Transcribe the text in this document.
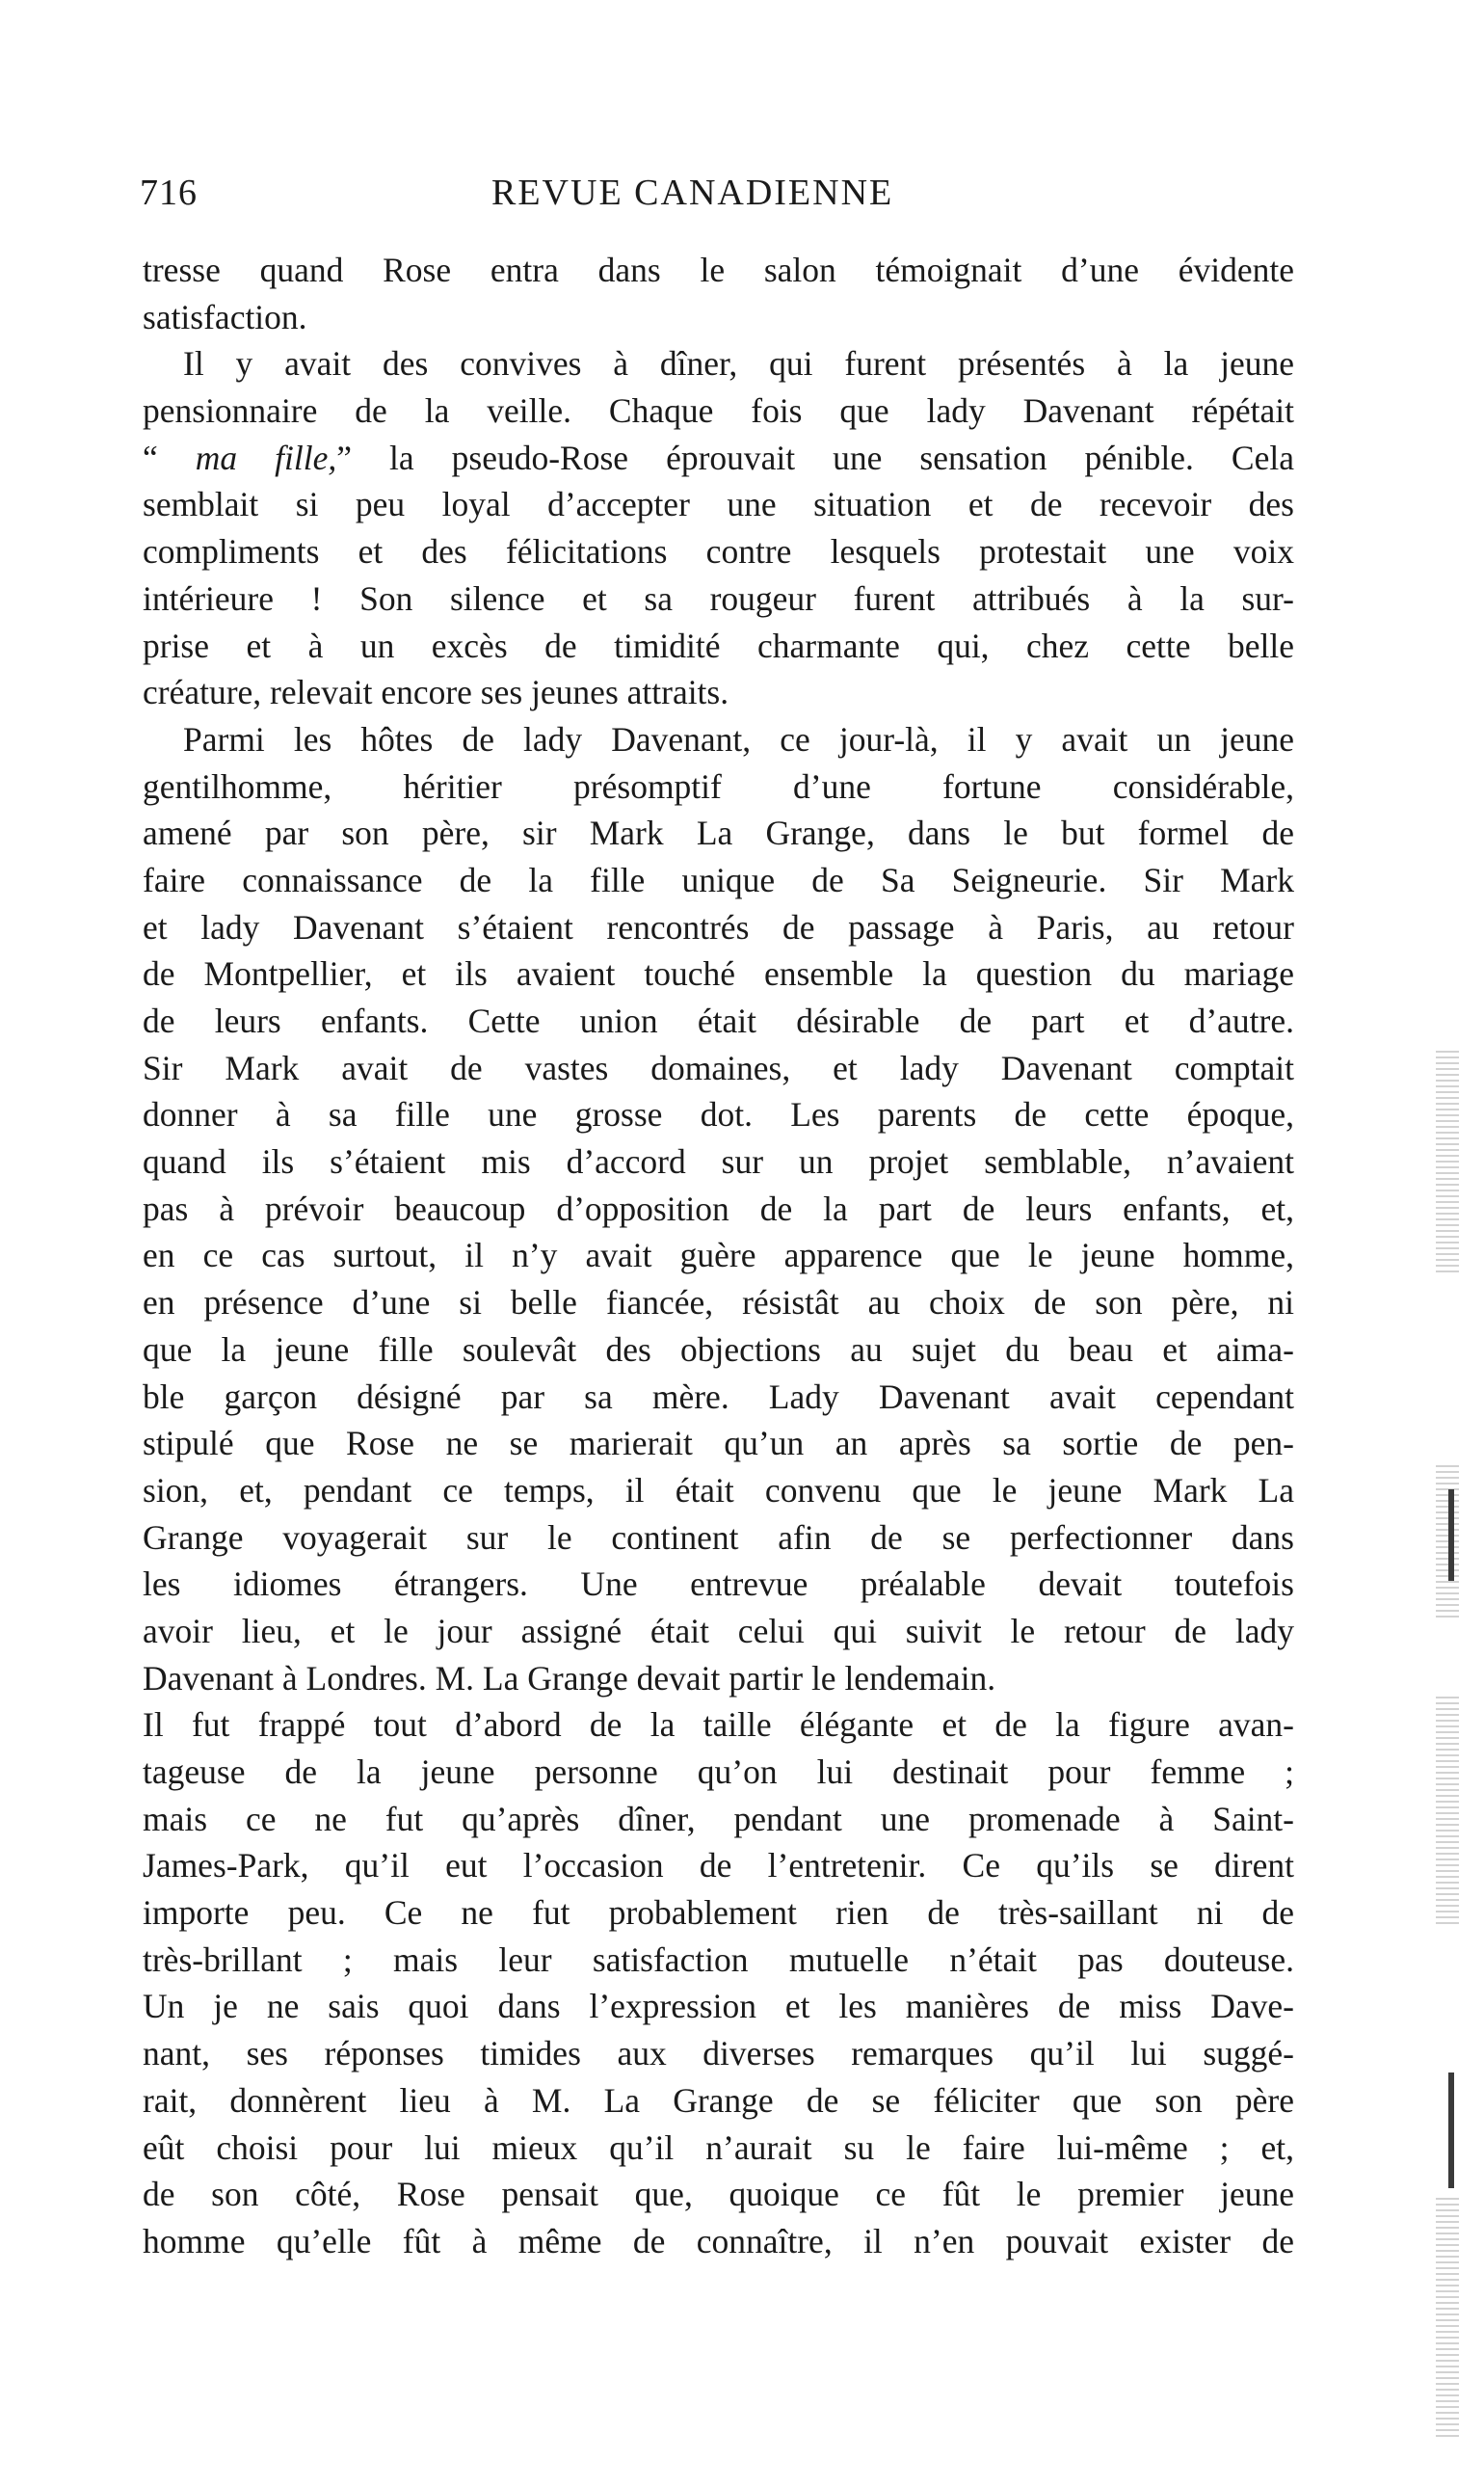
716	REVUE CANADIENNE
tresse quand Rose entra dans le salon témoignait d’une évidente
satisfaction.
Il y avait des convives à dîner, qui furent présentés à la jeune
pensionnaire de la veille. Chaque fois que lady Davenant répétait
“ ma fille,” la pseudo-Rose éprouvait une sensation pénible. Cela
semblait si peu loyal d’accepter une situation et de recevoir des
compliments et des félicitations contre lesquels protestait une voix
intérieure ! Son silence et sa rougeur furent attribués à la sur-
prise et à un excès de timidité charmante qui, chez cette belle
créature, relevait encore ses jeunes attraits.
Parmi les hôtes de lady Davenant, ce jour-là, il y avait un jeune
gentilhomme, héritier présomptif d’une fortune considérable,
amené par son père, sir Mark La Grange, dans le but formel de
faire connaissance de la fille unique de Sa Seigneurie. Sir Mark
et lady Davenant s’étaient rencontrés de passage à Paris, au retour
de Montpellier, et ils avaient touché ensemble la question du mariage
de leurs enfants. Cette union était désirable de part et d’autre.
Sir Mark avait de vastes domaines, et lady Davenant comptait
donner à sa fille une grosse dot. Les parents de cette époque,
quand ils s’étaient mis d’accord sur un projet semblable, n’avaient
pas à prévoir beaucoup d’opposition de la part de leurs enfants, et,
en ce cas surtout, il n’y avait guère apparence que le jeune homme,
en présence d’une si belle fiancée, résistât au choix de son père, ni
que la jeune fille soulevât des objections au sujet du beau et aima-
ble garçon désigné par sa mère. Lady Davenant avait cependant
stipulé que Rose ne se marierait qu’un an après sa sortie de pen-
sion, et, pendant ce temps, il était convenu que le jeune Mark La
Grange voyagerait sur le continent afin de se perfectionner dans
les idiomes étrangers. Une entrevue préalable devait toutefois
avoir lieu, et le jour assigné était celui qui suivit le retour de lady
Davenant à Londres. M. La Grange devait partir le lendemain.
Il fut frappé tout d’abord de la taille élégante et de la figure avan-
tageuse de la jeune personne qu’on lui destinait pour femme ;
mais ce ne fut qu’après dîner, pendant une promenade à Saint-
James-Park, qu’il eut l’occasion de l’entretenir. Ce qu’ils se dirent
importe peu. Ce ne fut probablement rien de très-saillant ni de
très-brillant ; mais leur satisfaction mutuelle n’était pas douteuse.
Un je ne sais quoi dans l’expression et les manières de miss Dave-
nant, ses réponses timides aux diverses remarques qu’il lui suggé-
rait, donnèrent lieu à M. La Grange de se féliciter que son père
eût choisi pour lui mieux qu’il n’aurait su le faire lui-même ; et,
de son côté, Rose pensait que, quoique ce fût le premier jeune
homme qu’elle fût à même de connaître, il n’en pouvait exister de
